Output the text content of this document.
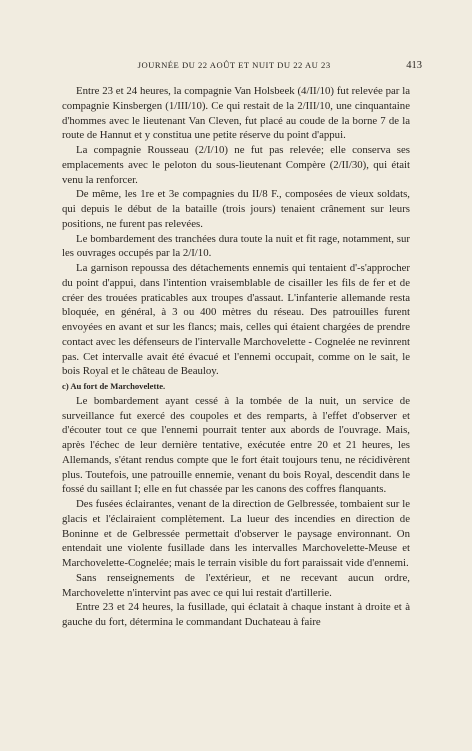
JOURNÉE DU 22 AOÛT ET NUIT DU 22 AU 23	413

Entre 23 et 24 heures, la compagnie Van Holsbeek (4/II/10) fut relevée par la compagnie Kinsbergen (1/III/10). Ce qui restait de la 2/III/10, une cinquantaine d'hommes avec le lieutenant Van Cleven, fut placé au coude de la borne 7 de la route de Hannut et y constitua une petite réserve du point d'appui.

La compagnie Rousseau (2/I/10) ne fut pas relevée; elle conserva ses emplacements avec le peloton du sous-lieutenant Compère (2/II/30), qui était venu la renforcer.

De même, les 1re et 3e compagnies du II/8 F., composées de vieux soldats, qui depuis le début de la bataille (trois jours) tenaient crânement sur leurs positions, ne furent pas relevées.

Le bombardement des tranchées dura toute la nuit et fit rage, notamment, sur les ouvrages occupés par la 2/I/10.

La garnison repoussa des détachements ennemis qui tentaient d'-s'approcher du point d'appui, dans l'intention vraisemblable de cisailler les fils de fer et de créer des trouées praticables aux troupes d'assaut. L'infanterie allemande resta bloquée, en général, à 3 ou 400 mètres du réseau. Des patrouilles furent envoyées en avant et sur les flancs; mais, celles qui étaient chargées de prendre contact avec les défenseurs de l'intervalle Marchovelette - Cognelée ne revinrent pas. Cet intervalle avait été évacué et l'ennemi occupait, comme on le sait, le bois Royal et le château de Beauloy.

c) Au fort de Marchovelette.

Le bombardement ayant cessé à la tombée de la nuit, un service de surveillance fut exercé des coupoles et des remparts, à l'effet d'observer et d'écouter tout ce que l'ennemi pourrait tenter aux abords de l'ouvrage. Mais, après l'échec de leur dernière tentative, exécutée entre 20 et 21 heures, les Allemands, s'étant rendus compte que le fort était toujours tenu, ne récidivèrent plus. Toutefois, une patrouille ennemie, venant du bois Royal, descendit dans le fossé du saillant I; elle en fut chassée par les canons des coffres flanquants.

Des fusées éclairantes, venant de la direction de Gelbressée, tombaient sur le glacis et l'éclairaient complètement. La lueur des incendies en direction de Boninne et de Gelbressée permettait d'observer le paysage environnant. On entendait une violente fusillade dans les intervalles Marchovelette-Meuse et Marchovelette-Cognelée; mais le terrain visible du fort paraissait vide d'ennemi.

Sans renseignements de l'extérieur, et ne recevant aucun ordre, Marchovelette n'intervint pas avec ce qui lui restait d'artillerie.

Entre 23 et 24 heures, la fusillade, qui éclatait à chaque instant à droite et à gauche du fort, détermina le commandant Duchateau à faire
